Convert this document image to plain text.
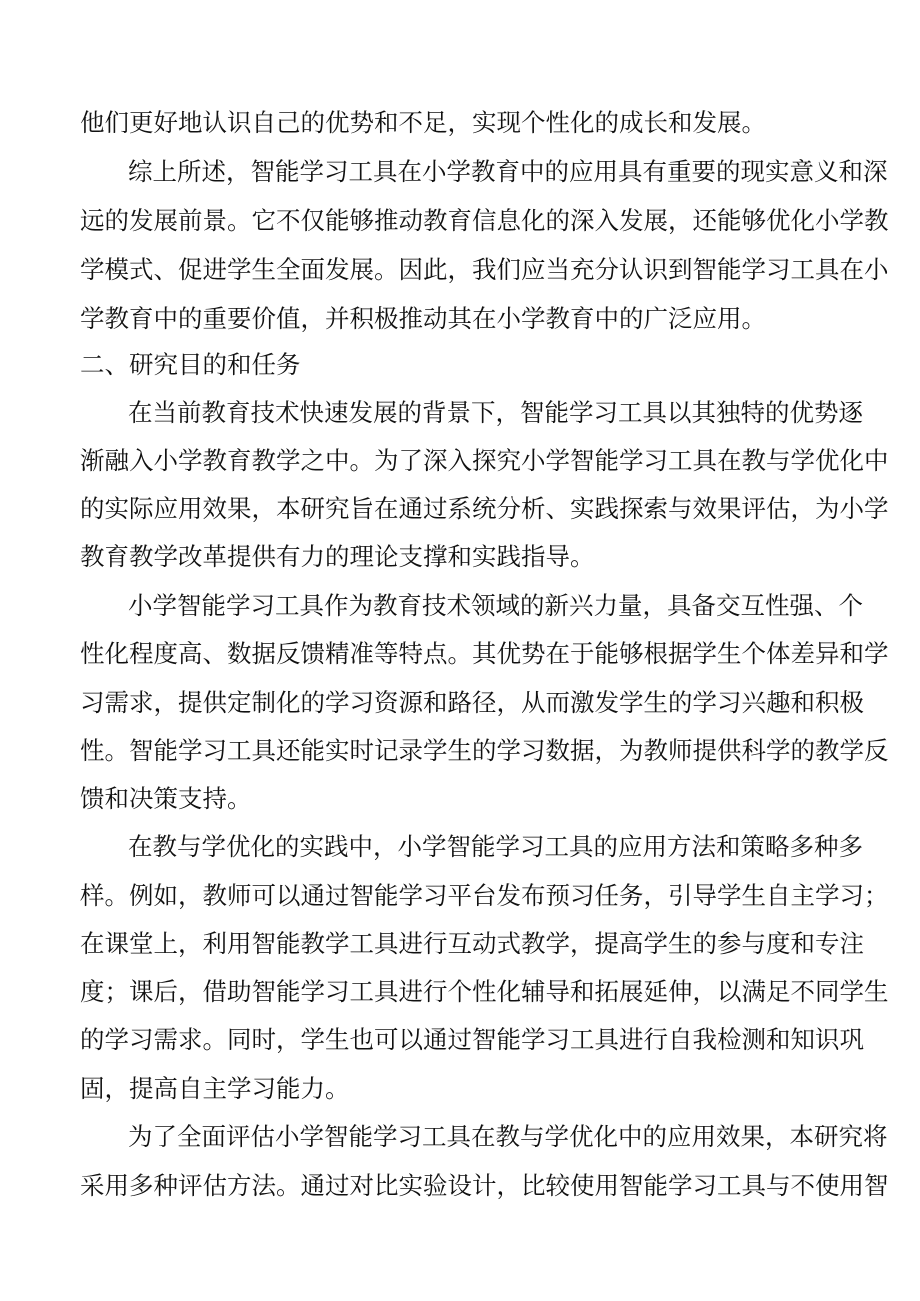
他们更好地认识自己的优势和不足，实现个性化的成长和发展。
综上所述，智能学习工具在小学教育中的应用具有重要的现实意义和深
远的发展前景。它不仅能够推动教育信息化的深入发展，还能够优化小学教
学模式、促进学生全面发展。因此，我们应当充分认识到智能学习工具在小
学教育中的重要价值，并积极推动其在小学教育中的广泛应用。
二、研究目的和任务
在当前教育技术快速发展的背景下，智能学习工具以其独特的优势逐
渐融入小学教育教学之中。为了深入探究小学智能学习工具在教与学优化中
的实际应用效果，本研究旨在通过系统分析、实践探索与效果评估，为小学
教育教学改革提供有力的理论支撑和实践指导。
小学智能学习工具作为教育技术领域的新兴力量，具备交互性强、个
性化程度高、数据反馈精准等特点。其优势在于能够根据学生个体差异和学
习需求，提供定制化的学习资源和路径，从而激发学生的学习兴趣和积极
性。智能学习工具还能实时记录学生的学习数据，为教师提供科学的教学反
馈和决策支持。
在教与学优化的实践中，小学智能学习工具的应用方法和策略多种多
样。例如，教师可以通过智能学习平台发布预习任务，引导学生自主学习；
在课堂上，利用智能教学工具进行互动式教学，提高学生的参与度和专注
度；课后，借助智能学习工具进行个性化辅导和拓展延伸，以满足不同学生
的学习需求。同时，学生也可以通过智能学习工具进行自我检测和知识巩
固，提高自主学习能力。
为了全面评估小学智能学习工具在教与学优化中的应用效果，本研究将
采用多种评估方法。通过对比实验设计，比较使用智能学习工具与不使用智
